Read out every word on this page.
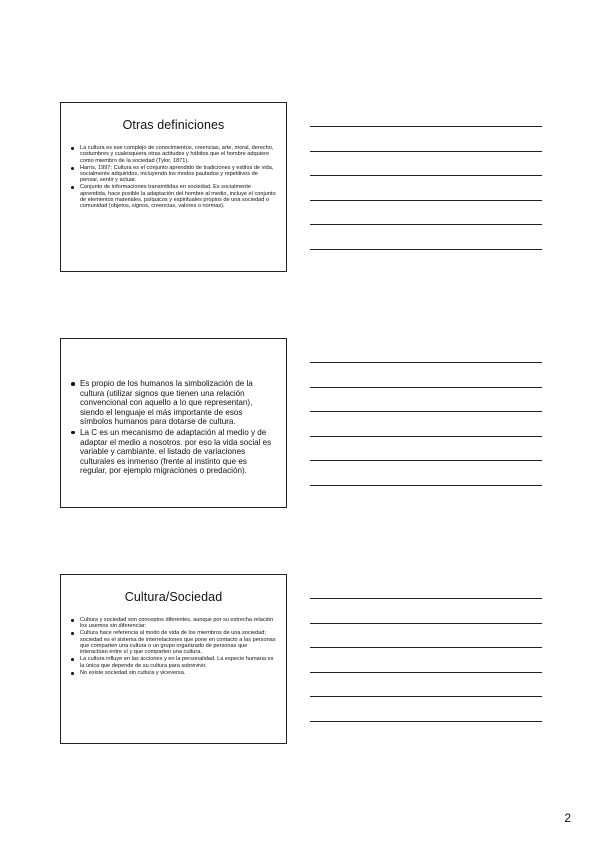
Otras definiciones
La cultura es ese complejo de conocimientos, creencias, arte, moral, derecho, costumbres y cualesquiera otras actitudes y hábitos que el hombre adquiere como miembro de la sociedad (Tylor, 1871).
Harris, 1997: Cultura es el conjunto aprendido de tradiciones y estilos de vida, socialmente adquiridos, incluyendo los modos pautados y repetitivos de pensar, sentir y actuar.
Conjunto de informaciones transmitidas en sociedad. Es socialmente aprendida, hace posible la adaptación del hombre al medio, incluye el conjunto de elementos materiales, psíquicos y espirituales propios de una sociedad o comunidad (objetos, signos, creencias, valores o normas).
Es propio de los humanos la simbolización de la cultura (utilizar signos que tienen una relación convencional con aquello a lo que representan), siendo el lenguaje el más importante de esos símbolos humanos para dotarse de cultura.
La C es un mecanismo de adaptación al medio y de adaptar el medio a nosotros. por eso la vida social es variable y cambiante. el listado de variaciones culturales es inmenso (frente al instinto que es regular, por ejemplo migraciones o predación).
Cultura/Sociedad
Cultura y sociedad son conceptos diferentes, aunque por su estrecha relación los usemos sin diferenciar:
Cultura hace referencia al modo de vida de los miembros de una sociedad; sociedad es el sistema de interrelaciones que pone en contacto a las personas que comparten una cultura o un grupo organizado de personas que interactúan entre sí y que comparten una cultura.
La cultura influye en las acciones y en la personalidad. La especie humana es la única que depende de su cultura para sobrevivir.
No existe sociedad sin cultura y viceversa.
2
